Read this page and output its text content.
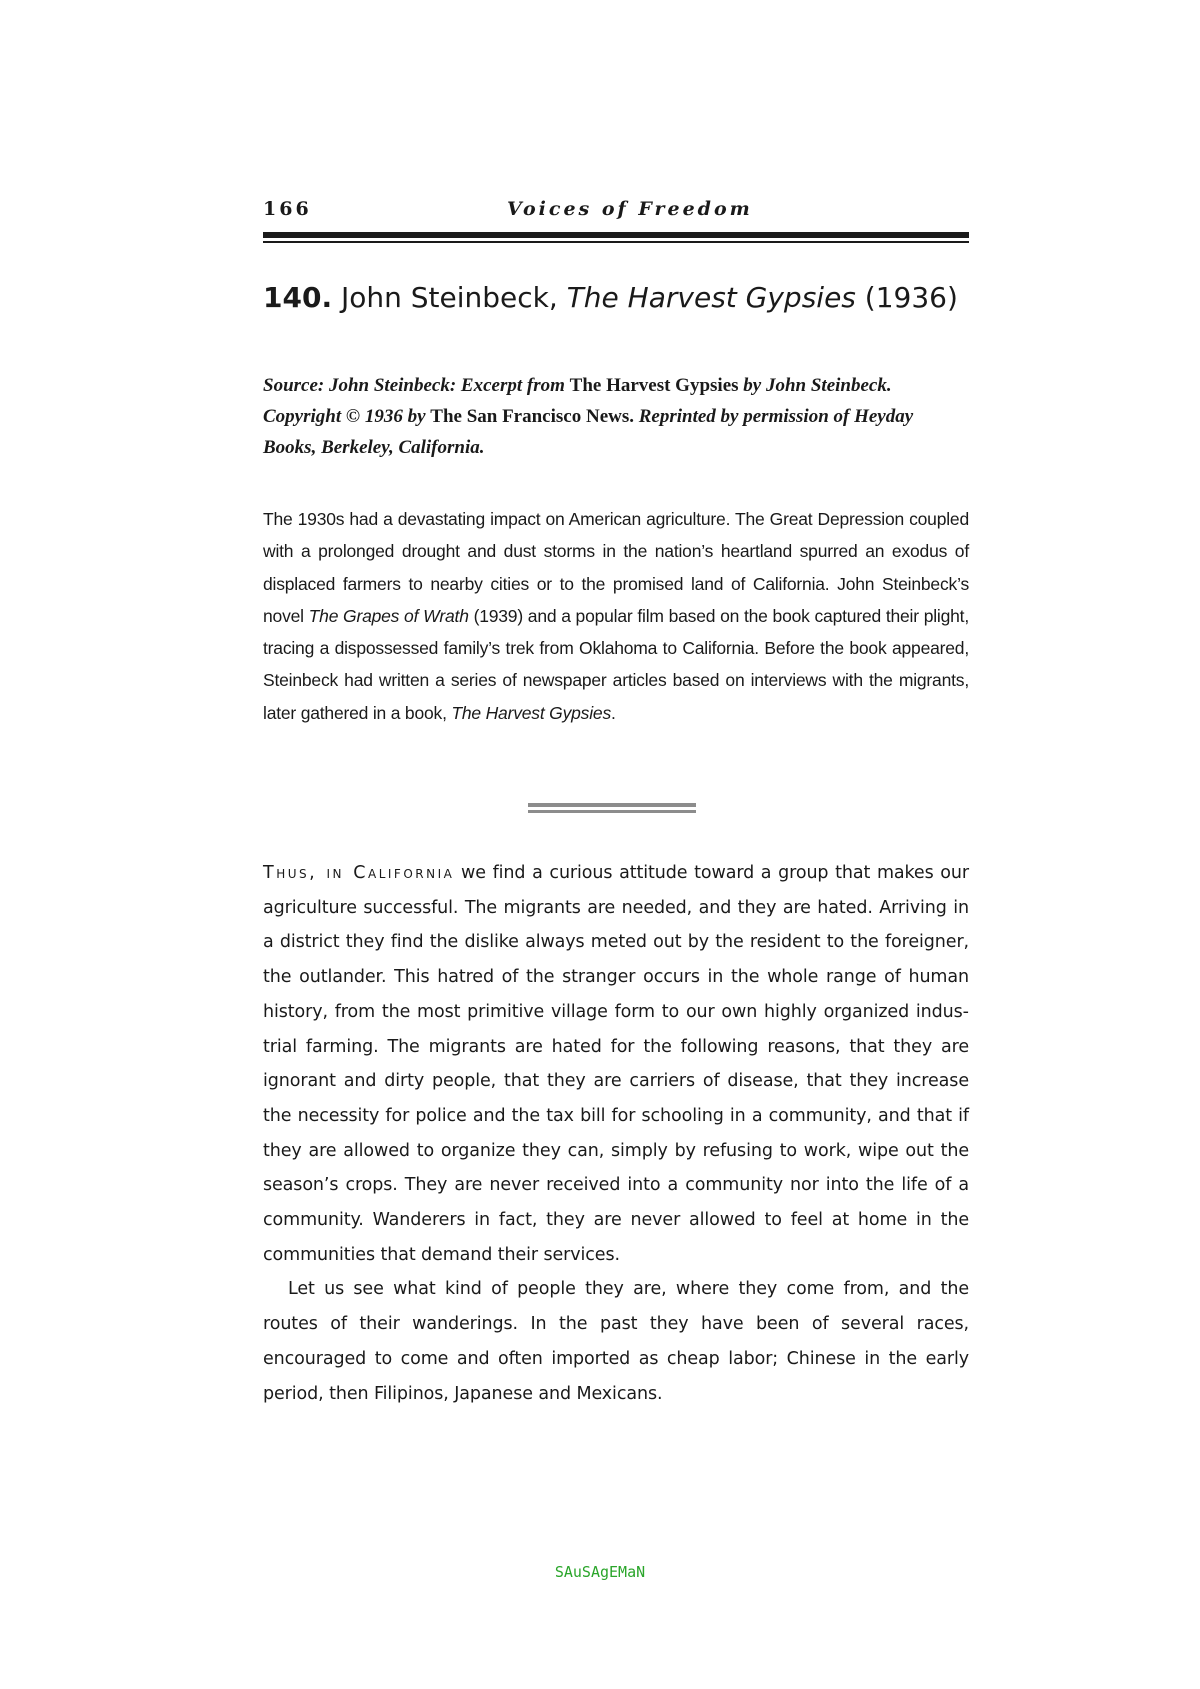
166	Voices of Freedom
140. John Steinbeck, The Harvest Gypsies (1936)
Source: John Steinbeck: Excerpt from The Harvest Gypsies by John Steinbeck. Copyright © 1936 by The San Francisco News. Reprinted by permission of Heyday Books, Berkeley, California.
The 1930s had a devastating impact on American agriculture. The Great Depression coupled with a prolonged drought and dust storms in the nation’s heartland spurred an exodus of displaced farmers to nearby cities or to the promised land of California. John Steinbeck’s novel The Grapes of Wrath (1939) and a popular film based on the book captured their plight, tracing a dispossessed family’s trek from Oklahoma to California. Before the book appeared, Steinbeck had written a series of newspaper articles based on interviews with the migrants, later gathered in a book, The Harvest Gypsies.

Thus, in California we find a curious attitude toward a group that makes our agriculture successful. The migrants are needed, and they are hated. Arriving in a district they find the dislike always meted out by the resident to the foreigner, the outlander. This hatred of the stranger occurs in the whole range of human history, from the most primitive village form to our own highly organized industrial farming. The migrants are hated for the following reasons, that they are ignorant and dirty people, that they are carriers of disease, that they increase the necessity for police and the tax bill for schooling in a community, and that if they are allowed to organize they can, simply by refusing to work, wipe out the season’s crops. They are never received into a community nor into the life of a community. Wanderers in fact, they are never allowed to feel at home in the communities that demand their services.

Let us see what kind of people they are, where they come from, and the routes of their wanderings. In the past they have been of several races, encouraged to come and often imported as cheap labor; Chinese in the early period, then Filipinos, Japanese and Mexicans.

SAuSAgEMaN
